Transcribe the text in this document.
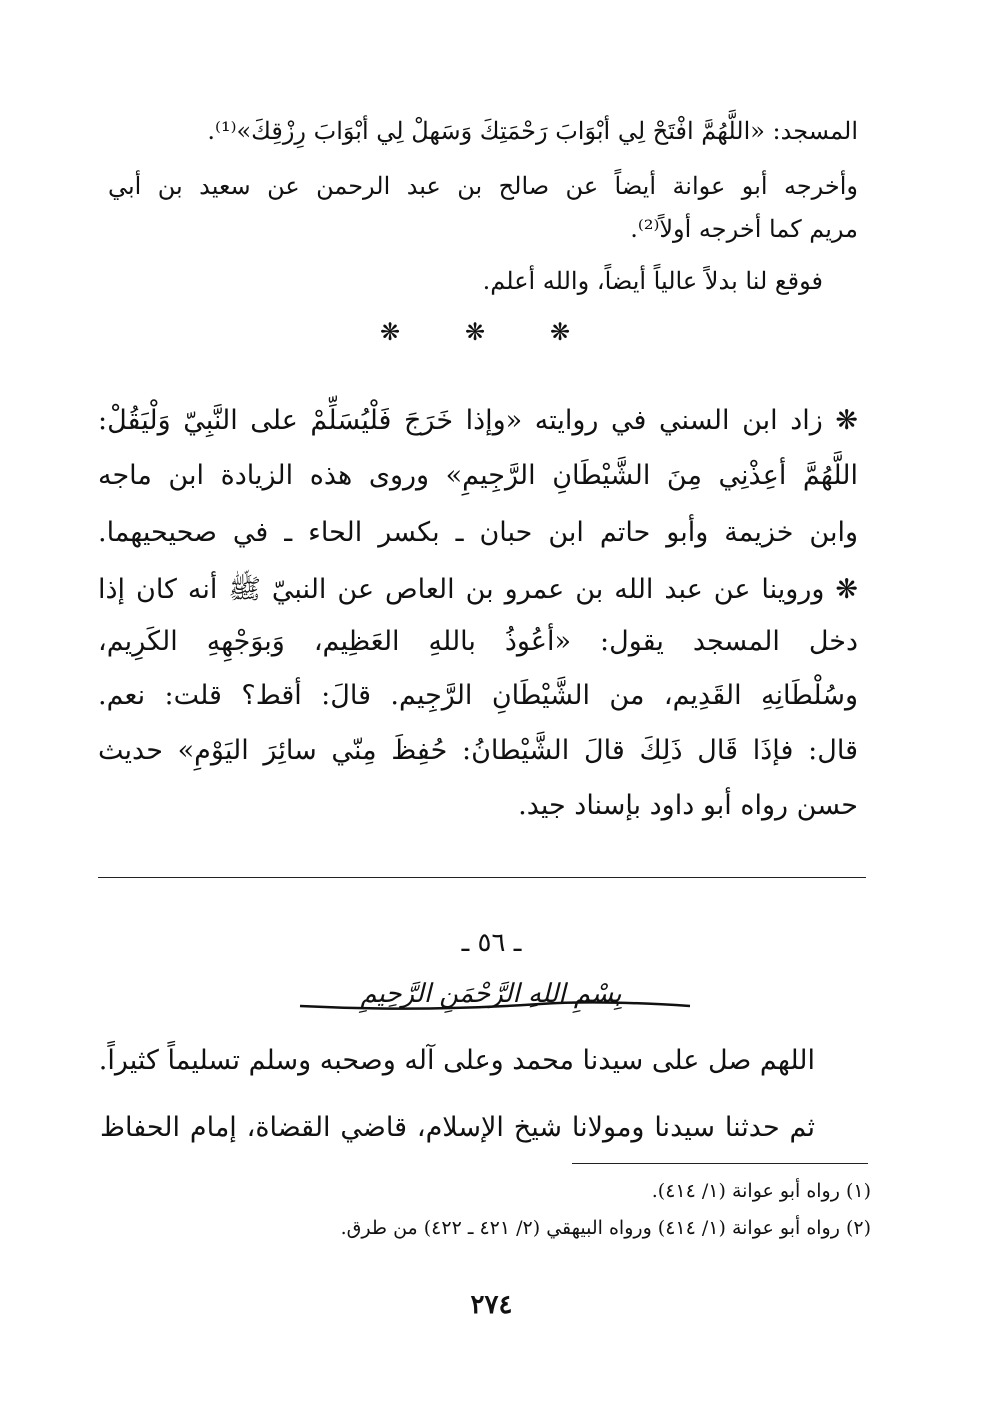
المسجد: «اللَّهُمَّ افْتَحْ لِي أبْوَابَ رَحْمَتِكَ وَسَهلْ لِي أبْوَابَ رِزْقِكَ»⁽¹⁾.
وأخرجه أبو عوانة أيضاً عن صالح بن عبد الرحمن عن سعيد بن أبي
مريم كما أخرجه أولاً⁽²⁾.
فوقع لنا بدلاً عالياً أيضاً، والله أعلم.
❋	❋	❋
❋ زاد ابن السني في روايته «وإذا خَرَجَ فَلْيُسَلِّمْ على النَّبِيّ وَلْيَقُلْ:
اللَّهُمَّ أعِذْنِي مِنَ الشَّيْطَانِ الرَّجِيمِ» وروى هذه الزيادة ابن ماجه
وابن خزيمة وأبو حاتم ابن حبان ـ بكسر الحاء ـ في صحيحيهما.
❋ وروينا عن عبد الله بن عمرو بن العاص عن النبيّ ﷺ أنه كان إذا
دخل المسجد يقول: «أعُوذُ باللهِ العَظِيم، وَبوَجْهِهِ الكَرِيم،
وسُلْطَانِهِ القَدِيم، من الشَّيْطَانِ الرَّجِيم. قالَ: أقط؟ قلت: نعم.
قال: فإذَا قَال ذَلِكَ قالَ الشَّيْطانُ: حُفِظَ مِنّي سائِرَ اليَوْمِ» حديث
حسن رواه أبو داود بإسناد جيد.
ـ ٥٦ ـ
بِسْمِ اللهِ الرَّحْمَنِ الرَّحِيمِ
اللهم صل على سيدنا محمد وعلى آله وصحبه وسلم تسليماً كثيراً.
ثم حدثنا سيدنا ومولانا شيخ الإسلام، قاضي القضاة، إمام الحفاظ
(١) رواه أبو عوانة (١/ ٤١٤).
(٢) رواه أبو عوانة (١/ ٤١٤) ورواه البيهقي (٢/ ٤٢١ ـ ٤٢٢) من طرق.
٢٧٤
